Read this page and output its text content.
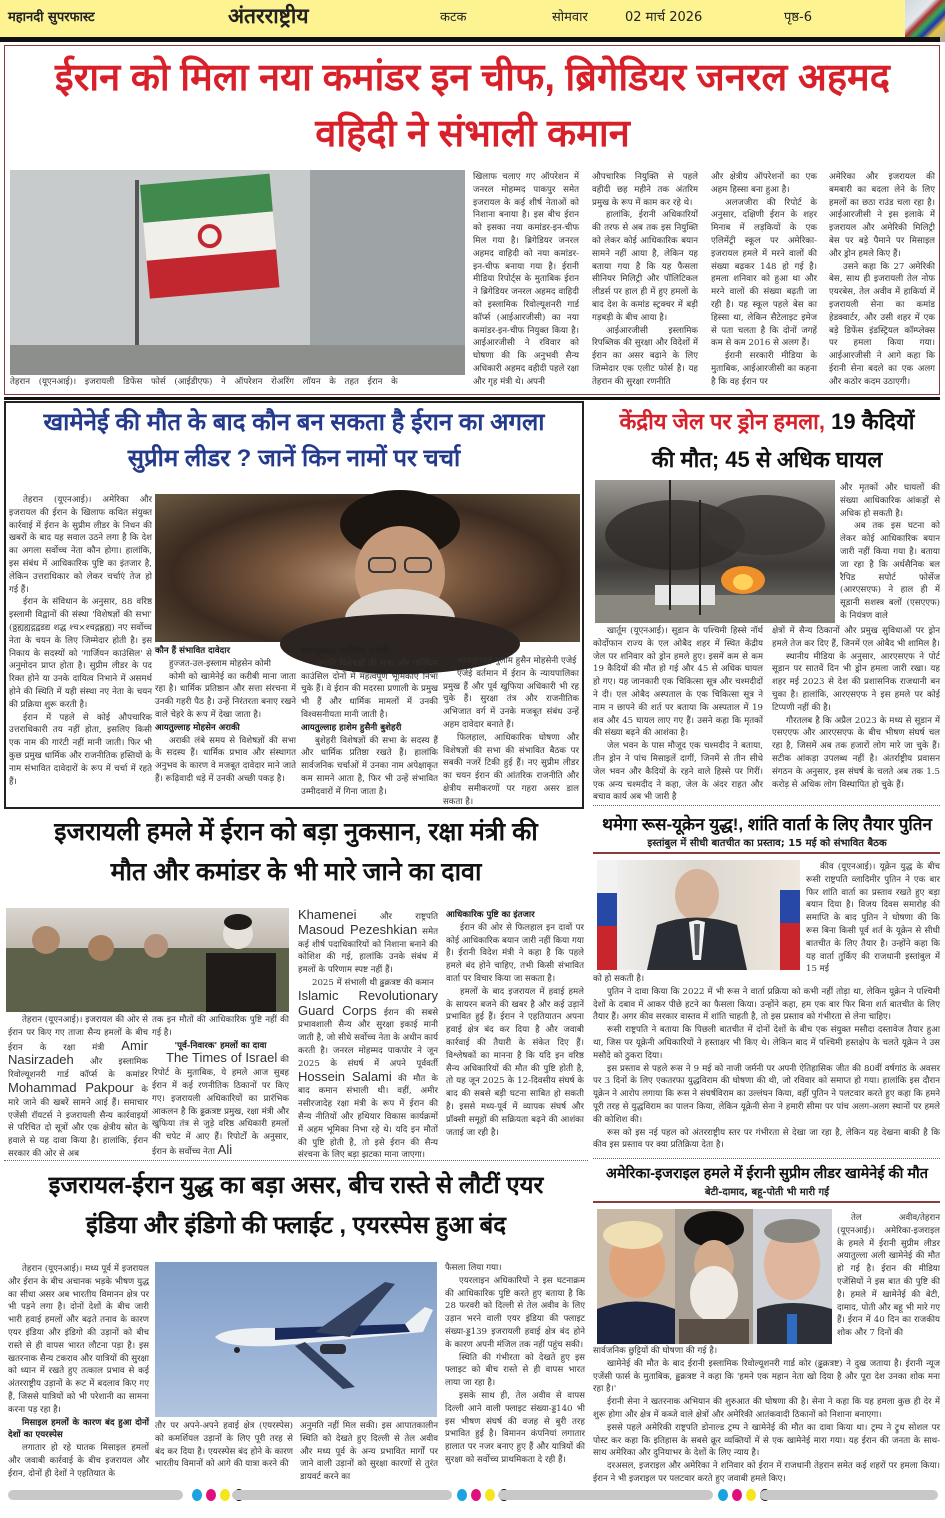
महानदी सुपरफास्ट	अंतरराष्ट्रीय	कटक	सोमवार	02 मार्च 2026	पृष्ठ-6
ईरान को मिला नया कमांडर इन चीफ, ब्रिगेडियर जनरल अहमद
वहिदी ने संभाली कमान
तेहरान (यूएनआई)। इजरायली डिफेंस फोर्स (आईडीएफ) ने ऑपरेशन रोअरिंग लॉयन के तहत ईरान के

खिलाफ चलाए गए ऑपरेशन में जनरल मोहम्मद पाकपुर समेत इजरायल के कई शीर्ष नेताओं को निशाना बनाया है। इस बीच ईरान को इसका नया कमांडर-इन-चीफ मिल गया है। ब्रिगेडियर जनरल अहमद वाहिदी को नया कमांडर-इन-चीफ बनाया गया है। ईरानी मीडिया रिपोर्ट्स के मुताबिक ईरान ने ब्रिगेडियर जनरल अहमद वाहिदी को इस्लामिक रिवोल्यूशनरी गार्ड कॉर्प्स (आईआरजीसी) का नया कमांडर-इन-चीफ नियुक्त किया है। आईआरजीसी ने रविवार को घोषणा की कि अनुभवी सैन्य अधिकारी अहमद वहीदी पहले रक्षा और गृह मंत्री थे। अपनी

औपचारिक नियुक्ति से पहले वहीदी छह महीने तक अंतरिम प्रमुख के रूप में काम कर रहे थे।

हालांकि, ईरानी अधिकारियों की तरफ से अब तक इस नियुक्ति को लेकर कोई आधिकारिक बयान सामने नहीं आया है, लेकिन यह बताया गया है कि यह फैसला सीनियर मिलिट्री और पॉलिटिकल लीडर्स पर हाल ही में हुए हमलों के बाद देश के कमांड स्ट्रक्चर में बड़ी गड़बड़ी के बीच आया है।

आईआरजीसी इस्लामिक रिपब्लिक की सुरक्षा और विदेशों में ईरान का असर बढ़ाने के लिए जिम्मेदार एक एलीट फोर्स है। यह तेहरान की सुरक्षा रणनीति

और क्षेत्रीय ऑपरेशनों का एक अहम हिस्सा बना हुआ है।

अलजजीरा की रिपोर्ट के अनुसार, दक्षिणी ईरान के शहर मिनाब में लड़कियों के एक एलिमेंट्री स्कूल पर अमेरिका-इजरायल हमले में मरने वालों की संख्या बढ़कर 148 हो गई है। हमला शनिवार को हुआ था और मरने वालों की संख्या बढ़ती जा रही है। यह स्कूल पहले बेस का हिस्सा था, लेकिन सैटेलाइट इमेज से पता चलता है कि दोनों जगहें कम से कम 2016 से अलग हैं।

ईरानी सरकारी मीडिया के मुताबिक, आईआरजीसी का कहना है कि वह ईरान पर

अमेरिका और इजरायल की बमबारी का बदला लेने के लिए हमलों का छठा राउंड चला रहा है। आईआरजीसी ने इस इलाके में इजरायल और अमेरिकी मिलिट्री बेस पर बड़े पैमाने पर मिसाइल और ड्रोन हमले किए हैं।

उसने कहा कि 27 अमेरिकी बेस, साथ ही इजरायली तेल नोफ एयरबेस, तेल अवीव में हाकिर्या में इजरायली सेना का कमांड हेडक्वार्टर, और उसी शहर में एक बड़े डिफेंस इंडस्ट्रियल कॉम्प्लेक्स पर हमला किया गया। आईआरजीसी ने आगे कहा कि ईरानी सेना बदले का एक अलग और कठोर कदम उठाएगी।

खामेनेई की मौत के बाद कौन बन सकता है ईरान का अगला
सुप्रीम लीडर ? जानें किन नामों पर चर्चा

तेहरान (यूएनआई)। अमेरिका और इजरायल की ईरान के खिलाफ कथित संयुक्त कार्रवाई में ईरान के सुप्रीम लीडर के निधन की खबरों के बाद यह सवाल उठने लगा है कि देश का अगला सर्वोच्च नेता कौन होगा। हालांकि, इस संबंध में आधिकारिक पुष्टि का इंतजार है, लेकिन उत्तराधिकार को लेकर चर्चाएं तेज हो गई हैं।

ईरान के संविधान के अनुसार, 88 वरिष्ठ इस्लामी विद्वानों की संस्था 'विशेषज्ञों की सभा' (ठ्ठह्यह्यद्गद्वडद्य शद्ध श्च×श्चद्गह्लह्य) नए सर्वोच्च नेता के चयन के लिए जिम्मेदार होती है। इस निकाय के सदस्यों को 'गार्जियन काउंसिल' से अनुमोदन प्राप्त होता है। सुप्रीम लीडर के पद रिक्त होने या उनके दायित्व निभाने में असमर्थ होने की स्थिति में यही संस्था नए नेता के चयन की प्रक्रिया शुरू करती है।

ईरान में पहले से कोई औपचारिक उत्तराधिकारी तय नहीं होता, इसलिए किसी एक नाम की गारंटी नहीं मानी जाती। फिर भी कुछ प्रमुख धार्मिक और राजनीतिक हस्तियों के नाम संभावित दावेदारों के रूप में चर्चा में रहते हैं।

कौन हैं संभावित दावेदार

हुज्जत-उल-इस्लाम मोहसेन कोमी

कोमी को खामेनेई का करीबी माना जाता रहा है। धार्मिक प्रतिष्ठान और सत्ता संरचना में उनकी गहरी पैठ है। उन्हें निरंतरता बनाए रखने वाले चेहरे के रूप में देखा जाता है।

आयतुल्लाह मोहसेन अराकी

अराकी लंबे समय से विशेषज्ञों की सभा के सदस्य हैं। धार्मिक प्रभाव और संस्थागत अनुभव के कारण वे मजबूत दावेदार माने जाते हैं। रूढ़िवादी धड़े में उनकी अच्छी पकड़ है।

आयतुल्लाह अलीरेजा अराफी

अराफी विशेषज्ञों की सभा और गार्जियन काउंसिल दोनों में महत्वपूर्ण भूमिकाएं निभा चुके हैं। वे ईरान की मदरसा प्रणाली के प्रमुख भी हैं और धार्मिक मामलों में उनकी विश्वसनीयता मानी जाती है।

आयतुल्लाह हाशेम हुसैनी बुशेहरी

बुशेहरी विशेषज्ञों की सभा के सदस्य हैं और धार्मिक प्रतिष्ठा रखते हैं। हालांकि सार्वजनिक चर्चाओं में उनका नाम अपेक्षाकृत कम सामने आता है, फिर भी उन्हें संभावित उम्मीदवारों में गिना जाता है।

आयतुल्लाह गुलाम हुसैन मोहसेनी एजेई

एजेई वर्तमान में ईरान के न्यायपालिका प्रमुख हैं और पूर्व खुफिया अधिकारी भी रह चुके हैं। सुरक्षा तंत्र और राजनीतिक अभिजात वर्ग में उनके मजबूत संबंध उन्हें अहम दावेदार बनाते हैं।

फिलहाल, आधिकारिक घोषणा और विशेषज्ञों की सभा की संभावित बैठक पर सबकी नजरें टिकी हुई हैं। नए सुप्रीम लीडर का चयन ईरान की आंतरिक राजनीति और क्षेत्रीय समीकरणों पर गहरा असर डाल सकता है।

केंद्रीय जेल पर ड्रोन हमला, 19 कैदियों
की मौत; 45 से अधिक घायल

और मृतकों और घायलों की संख्या आधिकारिक आंकड़ों से अधिक हो सकती है।

अब तक इस घटना को लेकर कोई आधिकारिक बयान जारी नहीं किया गया है। बताया जा रहा है कि अर्धसैनिक बल रैपिड सपोर्ट फोर्सेज (आरएसएफ) ने हाल ही में सूडानी सशस्त्र बलों (एसएएफ) के नियंत्रण वाले

खार्तूम (यूएनआई)। सूडान के पश्चिमी हिस्से नॉर्थ कोर्दोफान राज्य के एल ओबैद शहर में स्थित केंद्रीय जेल पर शनिवार को ड्रोन हमले हुए। इसमें कम से कम 19 कैदियों की मौत हो गई और 45 से अधिक घायल हो गए। यह जानकारी एक चिकित्सा सूत्र और चश्मदीदों ने दी। एल ओबैद अस्पताल के एक चिकित्सा सूत्र ने नाम न छापने की शर्त पर बताया कि अस्पताल में 19 शव और 45 घायल लाए गए हैं। उसने कहा कि मृतकों की संख्या बढ़ने की आशंका है।

जेल भवन के पास मौजूद एक चश्मदीद ने बताया, तीन ड्रोन ने पांच मिसाइलें दागीं, जिनमें से तीन सीधे जेल भवन और कैदियों के रहने वाले हिस्से पर गिरीं। एक अन्य चश्मदीद ने कहा, जेल के अंदर राहत और बचाव कार्य अब भी जारी है

क्षेत्रों में सैन्य ठिकानों और प्रमुख सुविधाओं पर ड्रोन हमले तेज कर दिए हैं, जिनमें एल ओबैद भी शामिल है।

स्थानीय मीडिया के अनुसार, आरएसएफ ने पोर्ट सूडान पर सातवें दिन भी ड्रोन हमला जारी रखा। यह शहर मई 2023 से देश की प्रशासनिक राजधानी बन चुका है। हालांकि, आरएसएफ ने इस हमले पर कोई टिप्पणी नहीं की है।

गौरतलब है कि अप्रैल 2023 के मध्य से सूडान में एसएएफ और आरएसएफ के बीच भीषण संघर्ष चल रहा है, जिसमें अब तक हजारों लोग मारे जा चुके हैं। सटीक आंकड़ा उपलब्ध नहीं है। अंतर्राष्ट्रीय प्रवासन संगठन के अनुसार, इस संघर्ष के चलते अब तक 1.5 करोड़ से अधिक लोग विस्थापित हो चुके हैं।

इजरायली हमले में ईरान को बड़ा नुकसान, रक्षा मंत्री की
मौत और कमांडर के भी मारे जाने का दावा

तेहरान (यूएनआई)। इजरायल की ओर से ईरान पर किए गए ताजा सैन्य हमलों के बीच ईरान के रक्षा मंत्री Amir Nasirzadeh और इस्लामिक रिवोल्यूशनरी गार्ड कॉर्प्स के कमांडर Mohammad Pakpour के मारे जाने की खबरें सामने आई हैं। समाचार एजेंसी रॉयटर्स ने इजरायली सैन्य कार्रवाइयों से परिचित दो सूत्रों और एक क्षेत्रीय स्रोत के हवाले से यह दावा किया है। हालांकि, ईरान सरकार की ओर से अब

तक इन मौतों की आधिकारिक पुष्टि नहीं की गई है।

'पूर्व-निवारक' हमलों का दावा

The Times of Israel की रिपोर्ट के मुताबिक, ये हमले आज सुबह ईरान में कई रणनीतिक ठिकानों पर किए गए। इजरायली अधिकारियों का प्रारंभिक आकलन है कि ढ्ढक्रत्रष्ट प्रमुख, रक्षा मंत्री और खुफिया तंत्र से जुड़े वरिष्ठ अधिकारी हमलों की चपेट में आए हैं। रिपोर्टों के अनुसार, ईरान के सर्वोच्च नेता Ali

Khamenei	और राष्ट्रपति Masoud Pezeshkian समेत कई शीर्ष पदाधिकारियों को निशाना बनाने की कोशिश की गई, हालांकि उनके संबंध में हमलों के परिणाम स्पष्ट नहीं हैं।

2025 में संभाली थी ढ्ढक्रत्रष्ट की कमान

Islamic Revolutionary Guard Corps ईरान की सबसे प्रभावशाली सैन्य और सुरक्षा इकाई मानी जाती है, जो सीधे सर्वोच्च नेता के अधीन कार्य करती है। जनरल मोहम्मद पाकपोर ने जून 2025 के संघर्ष में अपने पूर्ववर्ती Hossein Salami की मौत के बाद कमान संभाली थी। वहीं, अमीर नसीरजादेह रक्षा मंत्री के रूप में ईरान की सैन्य नीतियों और हथियार विकास कार्यक्रमों में अहम भूमिका निभा रहे थे। यदि इन मौतों की पुष्टि होती है, तो इसे ईरान की सैन्य संरचना के लिए बड़ा झटका माना जाएगा।

आधिकारिक पुष्टि का इंतजार

ईरान की ओर से फिलहाल इन दावों पर कोई आधिकारिक बयान जारी नहीं किया गया है। ईरानी विदेश मंत्री ने कहा है कि पहले हमले बंद होने चाहिए, तभी किसी संभावित वार्ता पर विचार किया जा सकता है।

हमलों के बाद इजरायल में हवाई हमले के सायरन बजने की खबर है और कई उड़ानें प्रभावित हुई हैं। ईरान ने एहतियातन अपना हवाई क्षेत्र बंद कर दिया है और जवाबी कार्रवाई की तैयारी के संकेत दिए हैं। विश्लेषकों का मानना है कि यदि इन वरिष्ठ सैन्य अधिकारियों की मौत की पुष्टि होती है, तो यह जून 2025 के 12-दिवसीय संघर्ष के बाद की सबसे बड़ी घटना साबित हो सकती है। इससे मध्य-पूर्व में व्यापक संघर्ष और प्रॉक्सी समूहों की सक्रियता बढ़ने की आशंका जताई जा रही है।

थमेगा रूस-यूक्रेन युद्ध!, शांति वार्ता के लिए तैयार पुतिन
इस्तांबुल में सीधी बातचीत का प्रस्ताव; 15 मई को संभावित बैठक

कीव (यूएनआई)। यूक्रेन युद्ध के बीच रूसी राष्ट्रपति व्लादिमीर पुतिन ने एक बार फिर शांति वार्ता का प्रस्ताव रखते हुए बड़ा बयान दिया है। विजय दिवस समारोह की समाप्ति के बाद पुतिन ने घोषणा की कि रूस बिना किसी पूर्व शर्त के यूक्रेन से सीधी बातचीत के लिए तैयार है। उन्होंने कहा कि यह वार्ता तुर्किए की राजधानी इस्तांबुल में 15 मई

को हो सकती है।

पुतिन ने दावा किया कि 2022 में भी रूस ने वार्ता प्रक्रिया को कभी नहीं तोड़ा था, लेकिन यूक्रेन ने पश्चिमी देशों के दबाव में आकर पीछे हटने का फैसला किया। उन्होंने कहा, हम एक बार फिर बिना शर्त बातचीत के लिए तैयार हैं। अगर कीव सरकार वास्तव में शांति चाहती है, तो इस प्रस्ताव को गंभीरता से लेना चाहिए।

रूसी राष्ट्रपति ने बताया कि पिछली बातचीत में दोनों देशों के बीच एक संयुक्त मसौदा दस्तावेज तैयार हुआ था, जिस पर यूक्रेनी अधिकारियों ने हस्ताक्षर भी किए थे। लेकिन बाद में पश्चिमी हस्तक्षेप के चलते यूक्रेन ने उस मसौदे को ठुकरा दिया।

इस प्रस्ताव से पहले रूस ने 9 मई को नाजी जर्मनी पर अपनी ऐतिहासिक जीत की 80वीं वर्षगांठ के अवसर पर 3 दिनों के लिए एकतरफा युद्धविराम की घोषणा की थी, जो रविवार को समाप्त हो गया। हालांकि इस दौरान यूक्रेन ने आरोप लगाया कि रूस ने संघर्षविराम का उल्लंघन किया, वहीं पुतिन ने पलटवार करते हुए कहा कि हमने पूरी तरह से युद्धविराम का पालन किया, लेकिन यूक्रेनी सेना ने हमारी सीमा पर पांच अलग-अलग स्थानों पर हमले की कोशिश की।

रूस को इस नई पहल को अंतरराष्ट्रीय स्तर पर गंभीरता से देखा जा रहा है, लेकिन यह देखना बाकी है कि कीव इस प्रस्ताव पर क्या प्रतिक्रिया देता है।

अमेरिका-इजराइल हमले में ईरानी सुप्रीम लीडर खामेनेई की मौत
बेटी-दामाद, बहू-पोती भी मारी गईं

तेल अवीव/तेहरान (यूएनआई)। अमेरिका-इजराइल के हमले में ईरानी सुप्रीम लीडर अयातुल्ला अली खामेनेई की मौत हो गई है। ईरान की मीडिया एजेंसियों ने इस बात की पुष्टि की है। हमले में खामेनेई की बेटी, दामाद, पोती और बहू भी मारे गए हैं। ईरान में 40 दिन का राजकीय शोक और 7 दिनों की

सार्वजनिक छुट्टियों की घोषणा की गई है।

खामेनेई की मौत के बाद ईरानी इस्लामिक रिवोल्यूशनरी गार्ड कोर (ढ्ढक्रत्रष्ट) ने दुख जताया है। ईरानी न्यूज एजेंसी फार्स के मुताबिक, ढ्ढक्रत्रष्ट ने कहा कि 'हमने एक महान नेता खो दिया है और पूरा देश उनका शोक मना रहा है।'

ईरानी सेना ने खतरनाक अभियान की शुरुआत की घोषणा की है। सेना ने कहा कि यह हमला कुछ ही देर में शुरू होगा और क्षेत्र में कब्जे वाले क्षेत्रों और अमेरिकी आतंकवादी ठिकानों को निशाना बनाएगा।

इससे पहले अमेरिकी राष्ट्रपति डोनाल्ड ट्रम्प ने खामेनेई की मौत का दावा किया था। ट्रम्प ने ट्रुथ सोशल पर पोस्ट कर कहा कि इतिहास के सबसे क्रूर व्यक्तियों में से एक खामेनेई मारा गया। यह ईरान की जनता के साथ-साथ अमेरिका और दुनियाभर के देशों के लिए न्याय है।

दरअसल, इजराइल और अमेरिका ने शनिवार को ईरान में राजधानी तेहरान समेत कई शहरों पर हमला किया। ईरान ने भी इजराइल पर पलटवार करते हुए जवाबी हमले किए।

इजरायल-ईरान युद्ध का बड़ा असर, बीच रास्ते से लौटीं एयर
इंडिया और इंडिगो की फ्लाईट , एयरस्पेस हुआ बंद

तेहरान (यूएनआई)। मध्य पूर्व में इजरायल और ईरान के बीच अचानक भड़के भीषण युद्ध का सीधा असर अब भारतीय विमानन क्षेत्र पर भी पड़ने लगा है। दोनों देशों के बीच जारी भारी हवाई हमलों और बढ़ते तनाव के कारण एयर इंडिया और इंडिगो की उड़ानों को बीच रास्ते से ही वापस भारत लौटना पड़ा है। इस खतरनाक सैन्य टकराव और यात्रियों की सुरक्षा को ध्यान में रखते हुए तत्काल प्रभाव से कई अंतरराष्ट्रीय उड़ानों के रूट में बदलाव किए गए हैं, जिससे यात्रियों को भी परेशानी का सामना करना पड़ रहा है।

मिसाइल हमलों के कारण बंद हुआ दोनों देशों का एयरस्पेस

लगातार हो रहे घातक मिसाइल हमलों और जवाबी कार्रवाई के बीच इजरायल और ईरान, दोनों ही देशों ने एहतियात के

तौर पर अपने-अपने हवाई क्षेत्र (एयरस्पेस) को कमर्शियल उड़ानों के लिए पूरी तरह से बंद कर दिया है। एयरस्पेस बंद होने के कारण भारतीय विमानों को आगे की यात्रा करने की

अनुमति नहीं मिल सकी। इस आपातकालीन स्थिति को देखते हुए दिल्ली से तेल अवीव और मध्य पूर्व के अन्य प्रभावित मार्गों पर जाने वाली उड़ानों को सुरक्षा कारणों से तुरंत डायवर्ट करने का

फैसला लिया गया।

एयरलाइन अधिकारियों ने इस घटनाक्रम की आधिकारिक पुष्टि करते हुए बताया है कि 28 फरवरी को दिल्ली से तेल अवीव के लिए उड़ान भरने वाली एयर इंडिया की फ्लाइट संख्या-ड्ड139 इजरायली हवाई क्षेत्र बंद होने के कारण अपनी मंजिल तक नहीं पहुंच सकी।

स्थिति की गंभीरता को देखते हुए इस फ्लाइट को बीच रास्ते से ही वापस भारत लाया जा रहा है।

इसके साथ ही, तेल अवीव से वापस दिल्ली आने वाली फ्लाइट संख्या-ड्ड140 भी इस भीषण संघर्ष की वजह से बुरी तरह प्रभावित हुई है। विमानन कंपनियां लगातार हालात पर नजर बनाए हुए हैं और यात्रियों की सुरक्षा को सर्वोच्च प्राथमिकता दे रही हैं।
